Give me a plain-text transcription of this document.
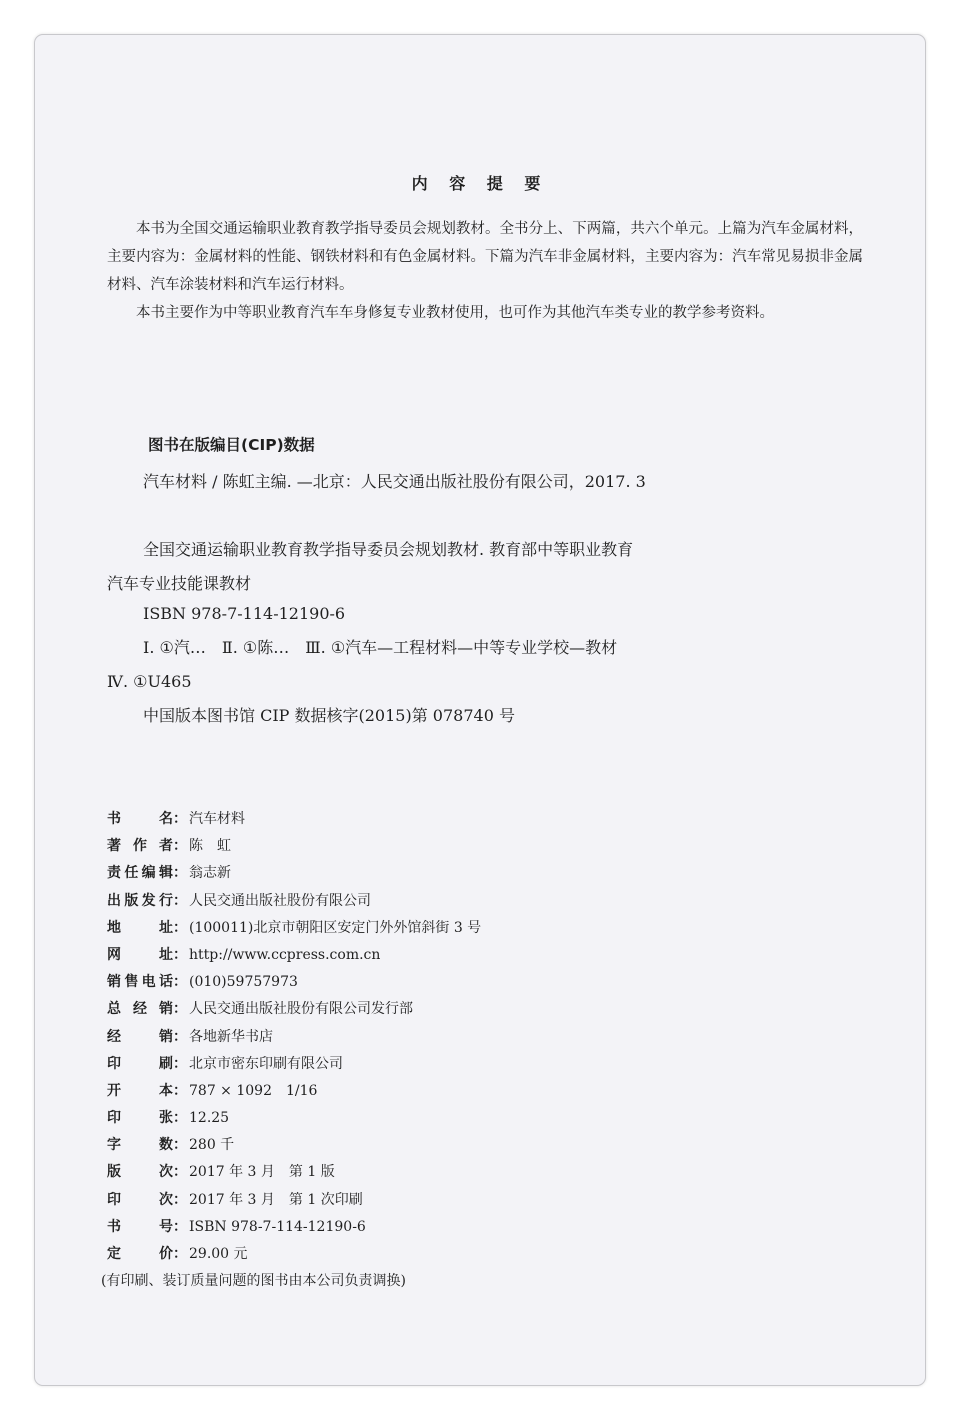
内 容 提 要

本书为全国交通运输职业教育教学指导委员会规划教材。全书分上、下两篇，共六个单元。上篇为汽车金属材料，主要内容为：金属材料的性能、钢铁材料和有色金属材料。下篇为汽车非金属材料，主要内容为：汽车常见易损非金属材料、汽车涂装材料和汽车运行材料。

本书主要作为中等职业教育汽车车身修复专业教材使用，也可作为其他汽车类专业的教学参考资料。

图书在版编目(CIP)数据

汽车材料 / 陈虹主编. —北京：人民交通出版社股份有限公司，2017. 3

全国交通运输职业教育教学指导委员会规划教材. 教育部中等职业教育汽车专业技能课教材

ISBN 978-7-114-12190-6

Ⅰ. ①汽…　Ⅱ. ①陈…　Ⅲ. ①汽车—工程材料—中等专业学校—教材　Ⅳ. ①U465

中国版本图书馆 CIP 数据核字(2015)第 078740 号

书名： 汽车材料
著作者： 陈　虹
责任编辑： 翁志新
出版发行： 人民交通出版社股份有限公司
地址： (100011)北京市朝阳区安定门外外馆斜街 3 号
网址： http://www.ccpress.com.cn
销售电话： (010)59757973
总经销： 人民交通出版社股份有限公司发行部
经销： 各地新华书店
印刷： 北京市密东印刷有限公司
开本： 787 × 1092　1/16
印张： 12.25
字数： 280 千
版次： 2017 年 3 月　第 1 版
印次： 2017 年 3 月　第 1 次印刷
书号： ISBN 978-7-114-12190-6
定价： 29.00 元
(有印刷、装订质量问题的图书由本公司负责调换)
